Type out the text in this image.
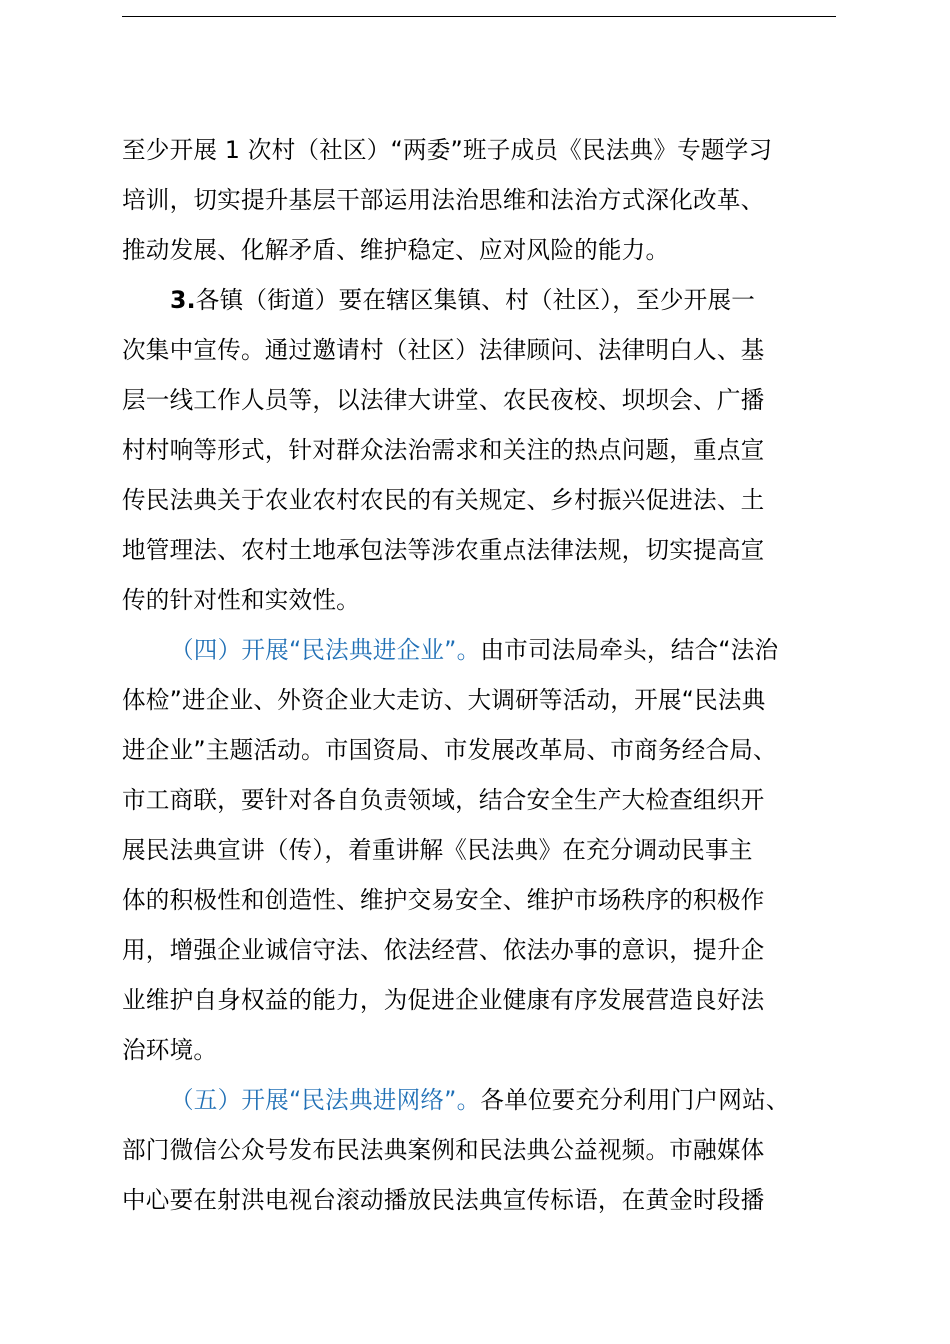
至少开展 1 次村（社区）“两委”班子成员《民法典》专题学习
培训，切实提升基层干部运用法治思维和法治方式深化改革、
推动发展、化解矛盾、维护稳定、应对风险的能力。
3.各镇（街道）要在辖区集镇、村（社区），至少开展一
次集中宣传。通过邀请村（社区）法律顾问、法律明白人、基
层一线工作人员等，以法律大讲堂、农民夜校、坝坝会、广播
村村响等形式，针对群众法治需求和关注的热点问题，重点宣
传民法典关于农业农村农民的有关规定、乡村振兴促进法、土
地管理法、农村土地承包法等涉农重点法律法规，切实提高宣
传的针对性和实效性。
（四）开展“民法典进企业”。由市司法局牵头，结合“法治
体检”进企业、外资企业大走访、大调研等活动，开展“民法典
进企业”主题活动。市国资局、市发展改革局、市商务经合局、
市工商联，要针对各自负责领域，结合安全生产大检查组织开
展民法典宣讲（传），着重讲解《民法典》在充分调动民事主
体的积极性和创造性、维护交易安全、维护市场秩序的积极作
用，增强企业诚信守法、依法经营、依法办事的意识，提升企
业维护自身权益的能力，为促进企业健康有序发展营造良好法
治环境。
（五）开展“民法典进网络”。各单位要充分利用门户网站、
部门微信公众号发布民法典案例和民法典公益视频。市融媒体
中心要在射洪电视台滚动播放民法典宣传标语，在黄金时段播
